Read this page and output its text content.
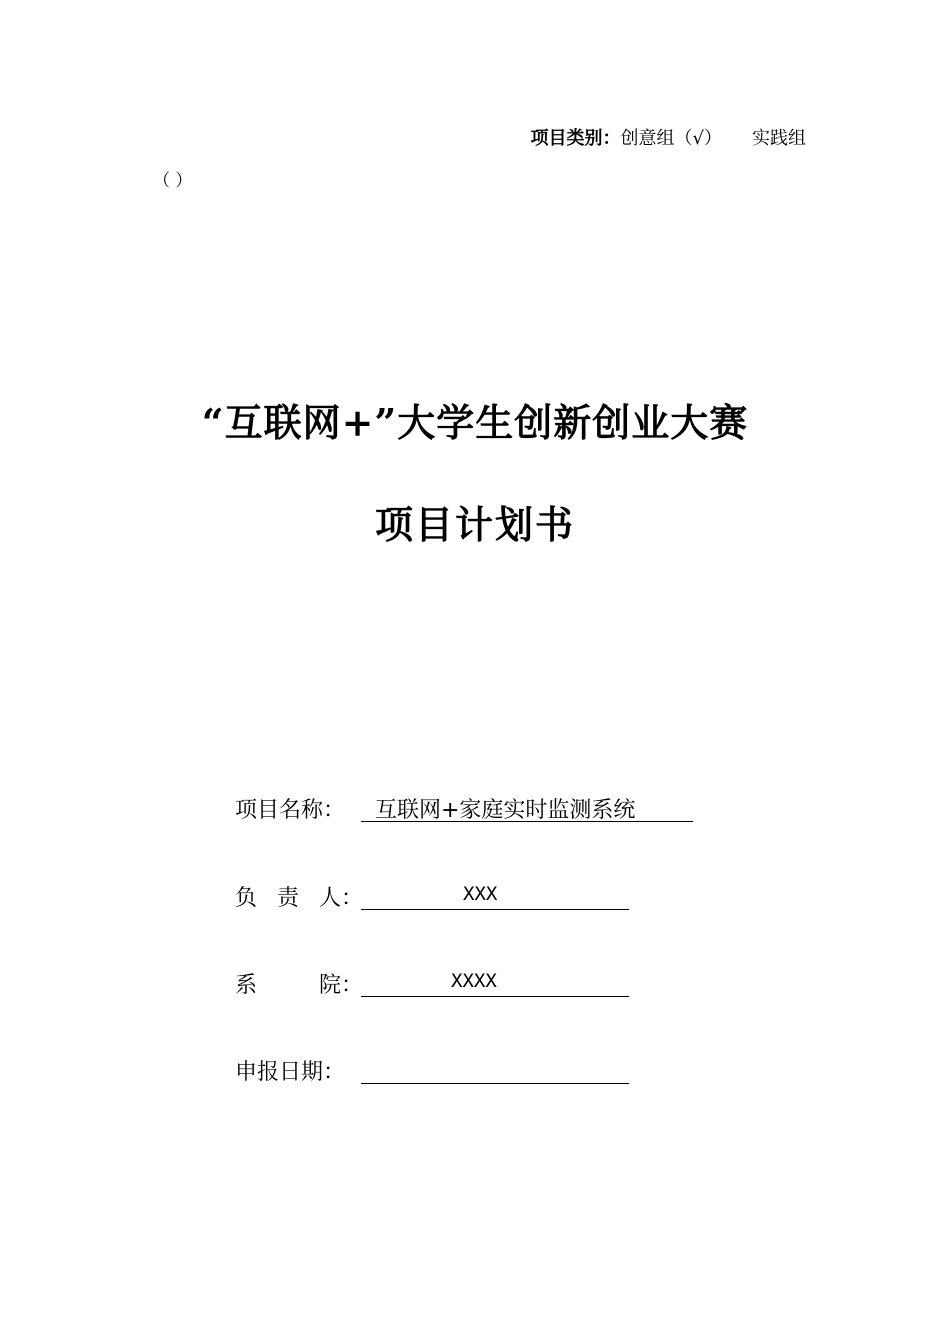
项目类别：创意组（√） 实践组
（ ）
“互联网+”大学生创新创业大赛
项目计划书
项目名称：	互联网+家庭实时监测系统
负 责 人 ：	XXX
系	院 ：	XXXX
申报日期：
